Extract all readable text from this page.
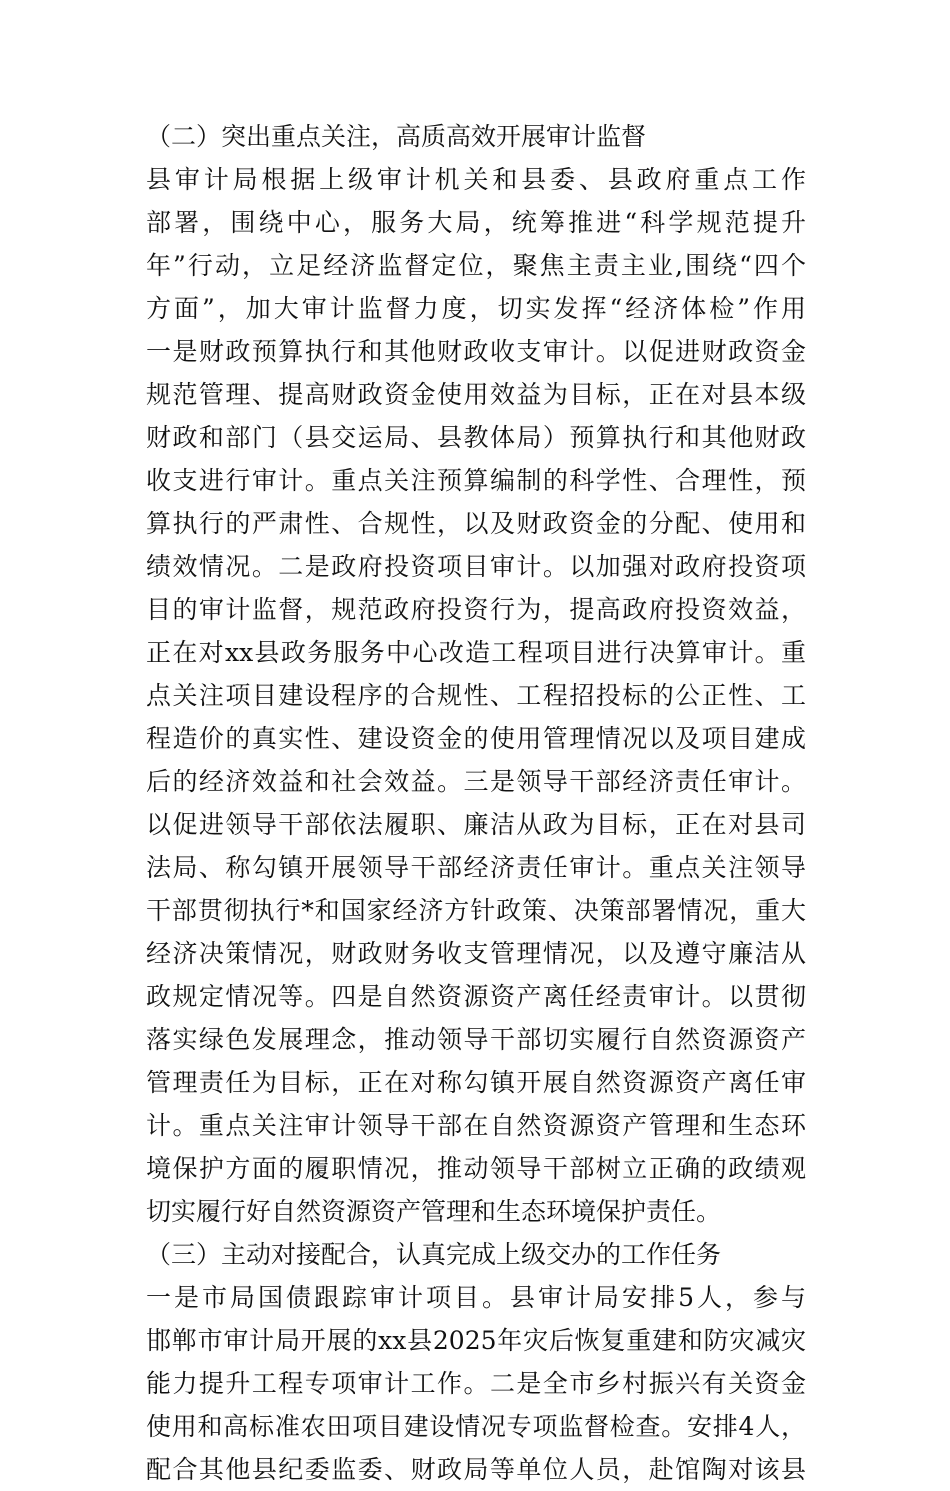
（二）突出重点关注，高质高效开展审计监督
县审计局根据上级审计机关和县委、县政府重点工作
部署，围绕中心，服务大局，统筹推进“科学规范提升
年”行动，立足经济监督定位，聚焦主责主业,围绕“四个
方面”，加大审计监督力度，切实发挥“经济体检”作用
一是财政预算执行和其他财政收支审计。以促进财政资金
规范管理、提高财政资金使用效益为目标，正在对县本级
财政和部门（县交运局、县教体局）预算执行和其他财政
收支进行审计。重点关注预算编制的科学性、合理性，预
算执行的严肃性、合规性，以及财政资金的分配、使用和
绩效情况。二是政府投资项目审计。以加强对政府投资项
目的审计监督，规范政府投资行为，提高政府投资效益，
正在对xx县政务服务中心改造工程项目进行决算审计。重
点关注项目建设程序的合规性、工程招投标的公正性、工
程造价的真实性、建设资金的使用管理情况以及项目建成
后的经济效益和社会效益。三是领导干部经济责任审计。
以促进领导干部依法履职、廉洁从政为目标，正在对县司
法局、称勾镇开展领导干部经济责任审计。重点关注领导
干部贯彻执行*和国家经济方针政策、决策部署情况，重大
经济决策情况，财政财务收支管理情况，以及遵守廉洁从
政规定情况等。四是自然资源资产离任经责审计。以贯彻
落实绿色发展理念，推动领导干部切实履行自然资源资产
管理责任为目标，正在对称勾镇开展自然资源资产离任审
计。重点关注审计领导干部在自然资源资产管理和生态环
境保护方面的履职情况，推动领导干部树立正确的政绩观
切实履行好自然资源资产管理和生态环境保护责任。
（三）主动对接配合，认真完成上级交办的工作任务
一是市局国债跟踪审计项目。县审计局安排5人，参与
邯郸市审计局开展的xx县2025年灾后恢复重建和防灾减灾
能力提升工程专项审计工作。二是全市乡村振兴有关资金
使用和高标准农田项目建设情况专项监督检查。安排4人，
配合其他县纪委监委、财政局等单位人员，赴馆陶对该县
